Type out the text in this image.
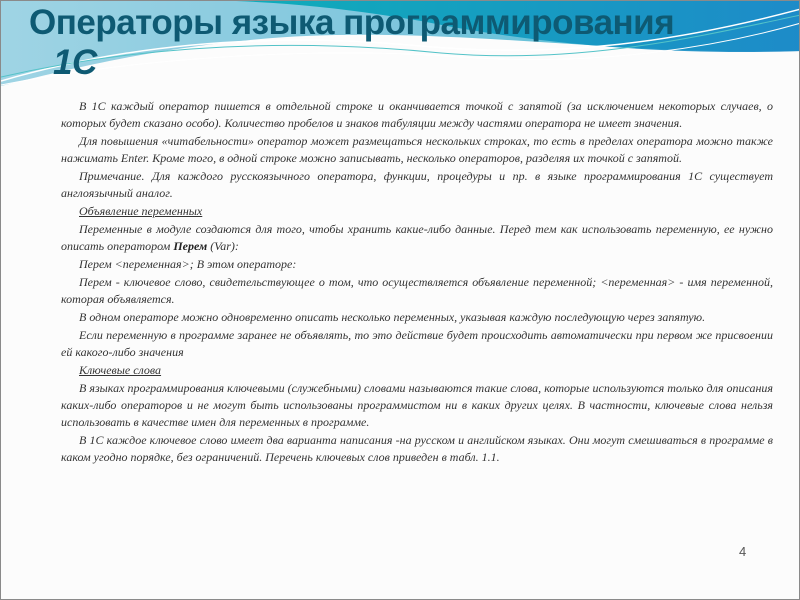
Операторы языка программирования
1С

В 1С каждый оператор пишется в отдельной строке и оканчивается точкой с запятой (за исключением некоторых случаев, о которых будет сказано особо). Количество пробелов и знаков табуляции между частями оператора не имеет значения.

Для повышения «читабельности» оператор может размещаться нескольких строках, то есть в пределах оператора можно также нажимать Enter. Кроме того, в одной строке можно записывать, несколько операторов, разделяя их точкой с запятой.

Примечание. Для каждого русскоязычного оператора, функции, процедуры и пр. в языке программирования 1С существует англоязычный аналог.

Объявление переменных

Переменные в модуле создаются для того, чтобы хранить какие-либо данные. Перед тем как использовать переменную, ее нужно описать оператором Перем (Var):

Перем <переменная>; В этом операторе:

Перем - ключевое слово, свидетельствующее о том, что осуществляется объявление переменной; <переменная> - имя переменной, которая объявляется.

В одном операторе можно одновременно описать несколько переменных, указывая каждую последующую через запятую.

Если переменную в программе заранее не объявлять, то это действие будет происходить автоматически при первом же присвоении ей какого-либо значения

Ключевые слова

В языках программирования ключевыми (служебными) словами называются такие слова, которые используются только для описания каких-либо операторов и не могут быть использованы программистом ни в каких других целях. В частности, ключевые слова нельзя использовать в качестве имен для переменных в программе.

В 1С каждое ключевое слово имеет два варианта написания -на русском и английском языках. Они могут смешиваться в программе в каком угодно порядке, без ограничений. Перечень ключевых слов приведен в табл. 1.1.

4
